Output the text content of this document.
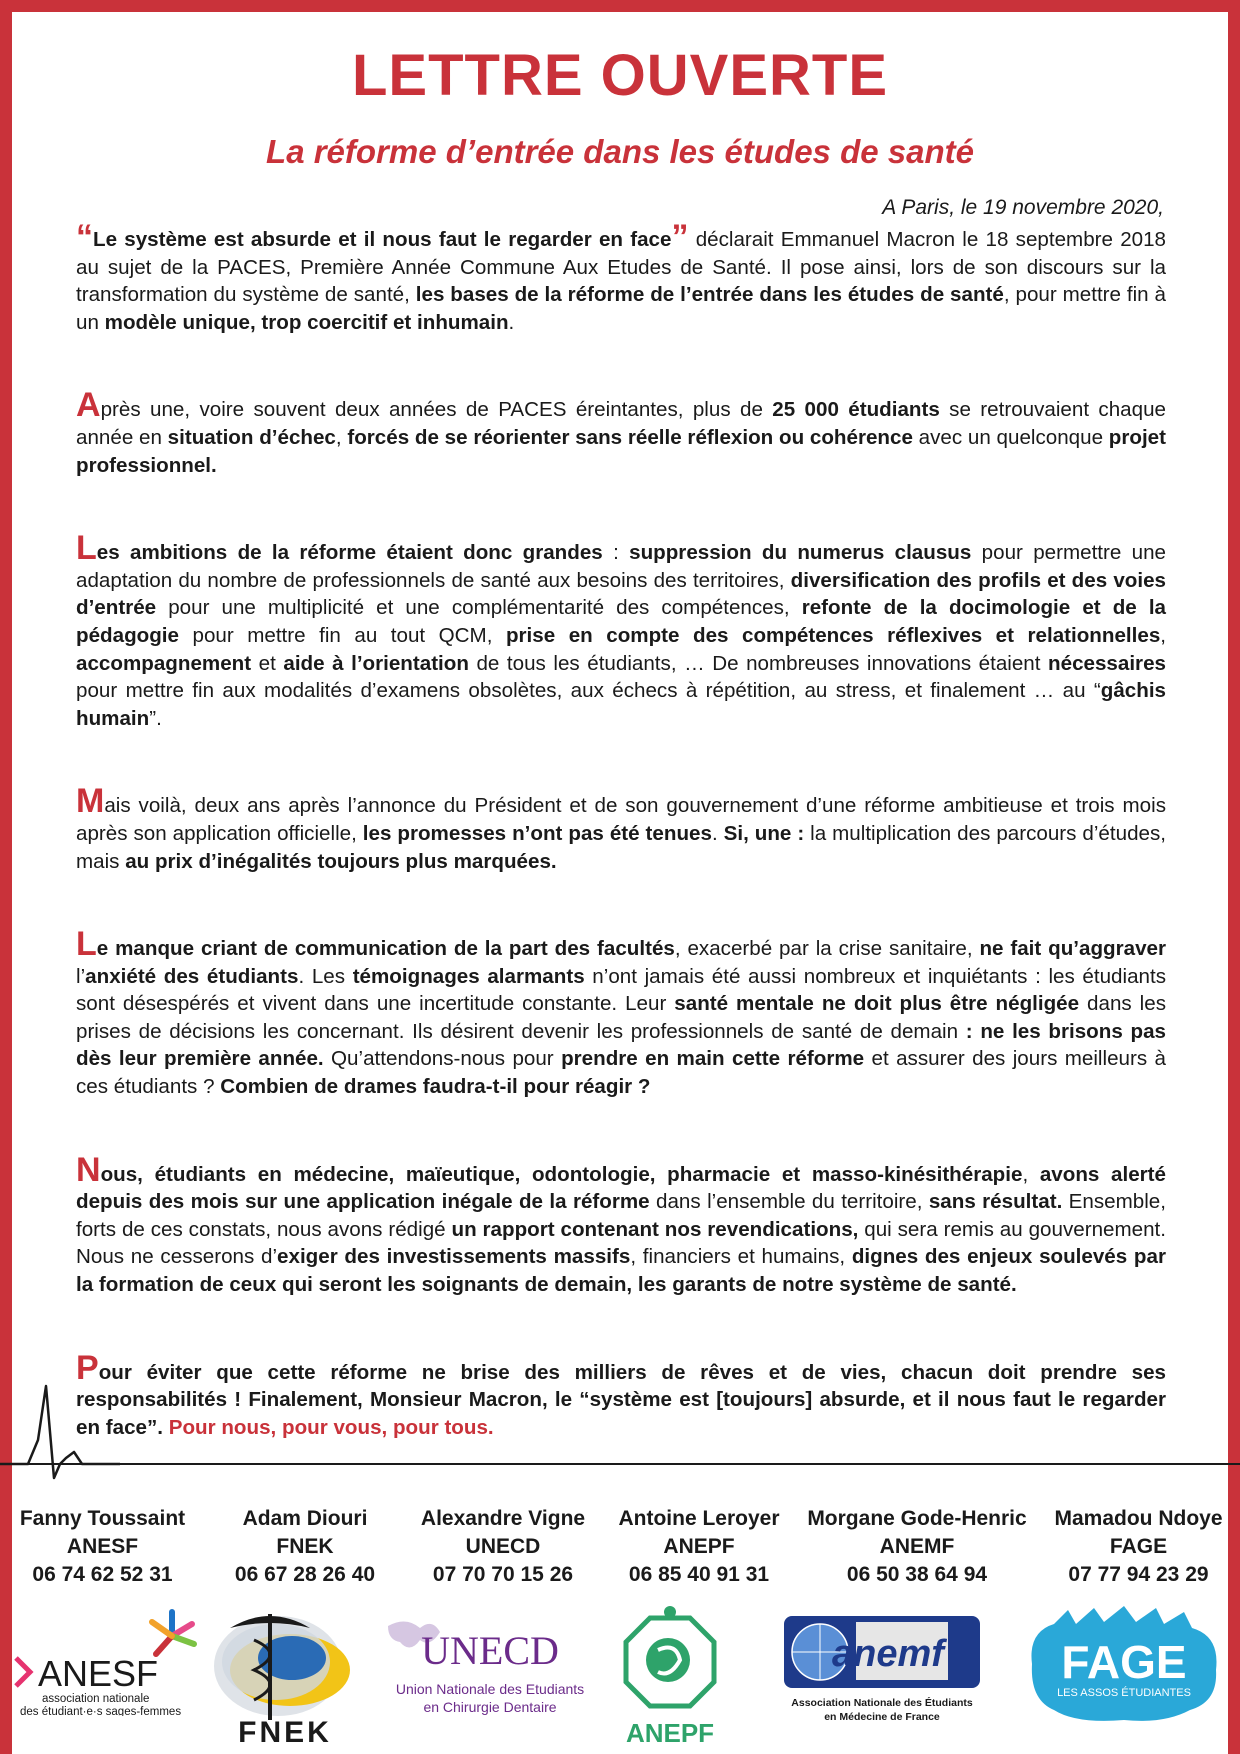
LETTRE OUVERTE
La réforme d’entrée dans les études de santé

A Paris, le 19 novembre 2020,

“Le système est absurde et il nous faut le regarder en face” déclarait Emmanuel Macron le 18 septembre 2018 au sujet de la PACES, Première Année Commune Aux Etudes de Santé. Il pose ainsi, lors de son discours sur la transformation du système de santé, les bases de la réforme de l’entrée dans les études de santé, pour mettre fin à un modèle unique, trop coercitif et inhumain.

Après une, voire souvent deux années de PACES éreintantes, plus de 25 000 étudiants se retrouvaient chaque année en situation d’échec, forcés de se réorienter sans réelle réflexion ou cohérence avec un quelconque projet professionnel.

Les ambitions de la réforme étaient donc grandes : suppression du numerus clausus pour permettre une adaptation du nombre de professionnels de santé aux besoins des territoires, diversification des profils et des voies d’entrée pour une multiplicité et une complémentarité des compétences, refonte de la docimologie et de la pédagogie pour mettre fin au tout QCM, prise en compte des compétences réflexives et relationnelles, accompagnement et aide à l’orientation de tous les étudiants, … De nombreuses innovations étaient nécessaires pour mettre fin aux modalités d’examens obsolètes, aux échecs à répétition, au stress, et finalement … au “gâchis humain”.

Mais voilà, deux ans après l’annonce du Président et de son gouvernement d’une réforme ambitieuse et trois mois après son application officielle, les promesses n’ont pas été tenues. Si, une : la multiplication des parcours d’études, mais au prix d’inégalités toujours plus marquées.

Le manque criant de communication de la part des facultés, exacerbé par la crise sanitaire, ne fait qu’aggraver l’anxiété des étudiants. Les témoignages alarmants n’ont jamais été aussi nombreux et inquiétants : les étudiants sont désespérés et vivent dans une incertitude constante. Leur santé mentale ne doit plus être négligée dans les prises de décisions les concernant. Ils désirent devenir les professionnels de santé de demain : ne les brisons pas dès leur première année. Qu’attendons-nous pour prendre en main cette réforme et assurer des jours meilleurs à ces étudiants ? Combien de drames faudra-t-il pour réagir ?

Nous, étudiants en médecine, maïeutique, odontologie, pharmacie et masso-kinésithérapie, avons alerté depuis des mois sur une application inégale de la réforme dans l’ensemble du territoire, sans résultat. Ensemble, forts de ces constats, nous avons rédigé un rapport contenant nos revendications, qui sera remis au gouvernement. Nous ne cesserons d’exiger des investissements massifs, financiers et humains, dignes des enjeux soulevés par la formation de ceux qui seront les soignants de demain, les garants de notre système de santé.

Pour éviter que cette réforme ne brise des milliers de rêves et de vies, chacun doit prendre ses responsabilités ! Finalement, Monsieur Macron, le “système est [toujours] absurde, et il nous faut le regarder en face”. Pour nous, pour vous, pour tous.

Fanny Toussaint
ANESF
06 74 62 52 31
Adam Diouri
FNEK
06 67 28 26 40
Alexandre Vigne
UNECD
07 70 70 15 26
Antoine Leroyer
ANEPF
06 85 40 91 31
Morgane Gode-Henric
ANEMF
06 50 38 64 94
Mamadou Ndoye
FAGE
07 77 94 23 29
ANESF
association nationale
des étudiant·e·s sages-femmes
FNEK
UNECD
Union Nationale des Etudiants
en Chirurgie Dentaire
ANEPF
anemf
Association Nationale des Étudiants
en Médecine de France
FAGE
LES ASSOS ÉTUDIANTES
